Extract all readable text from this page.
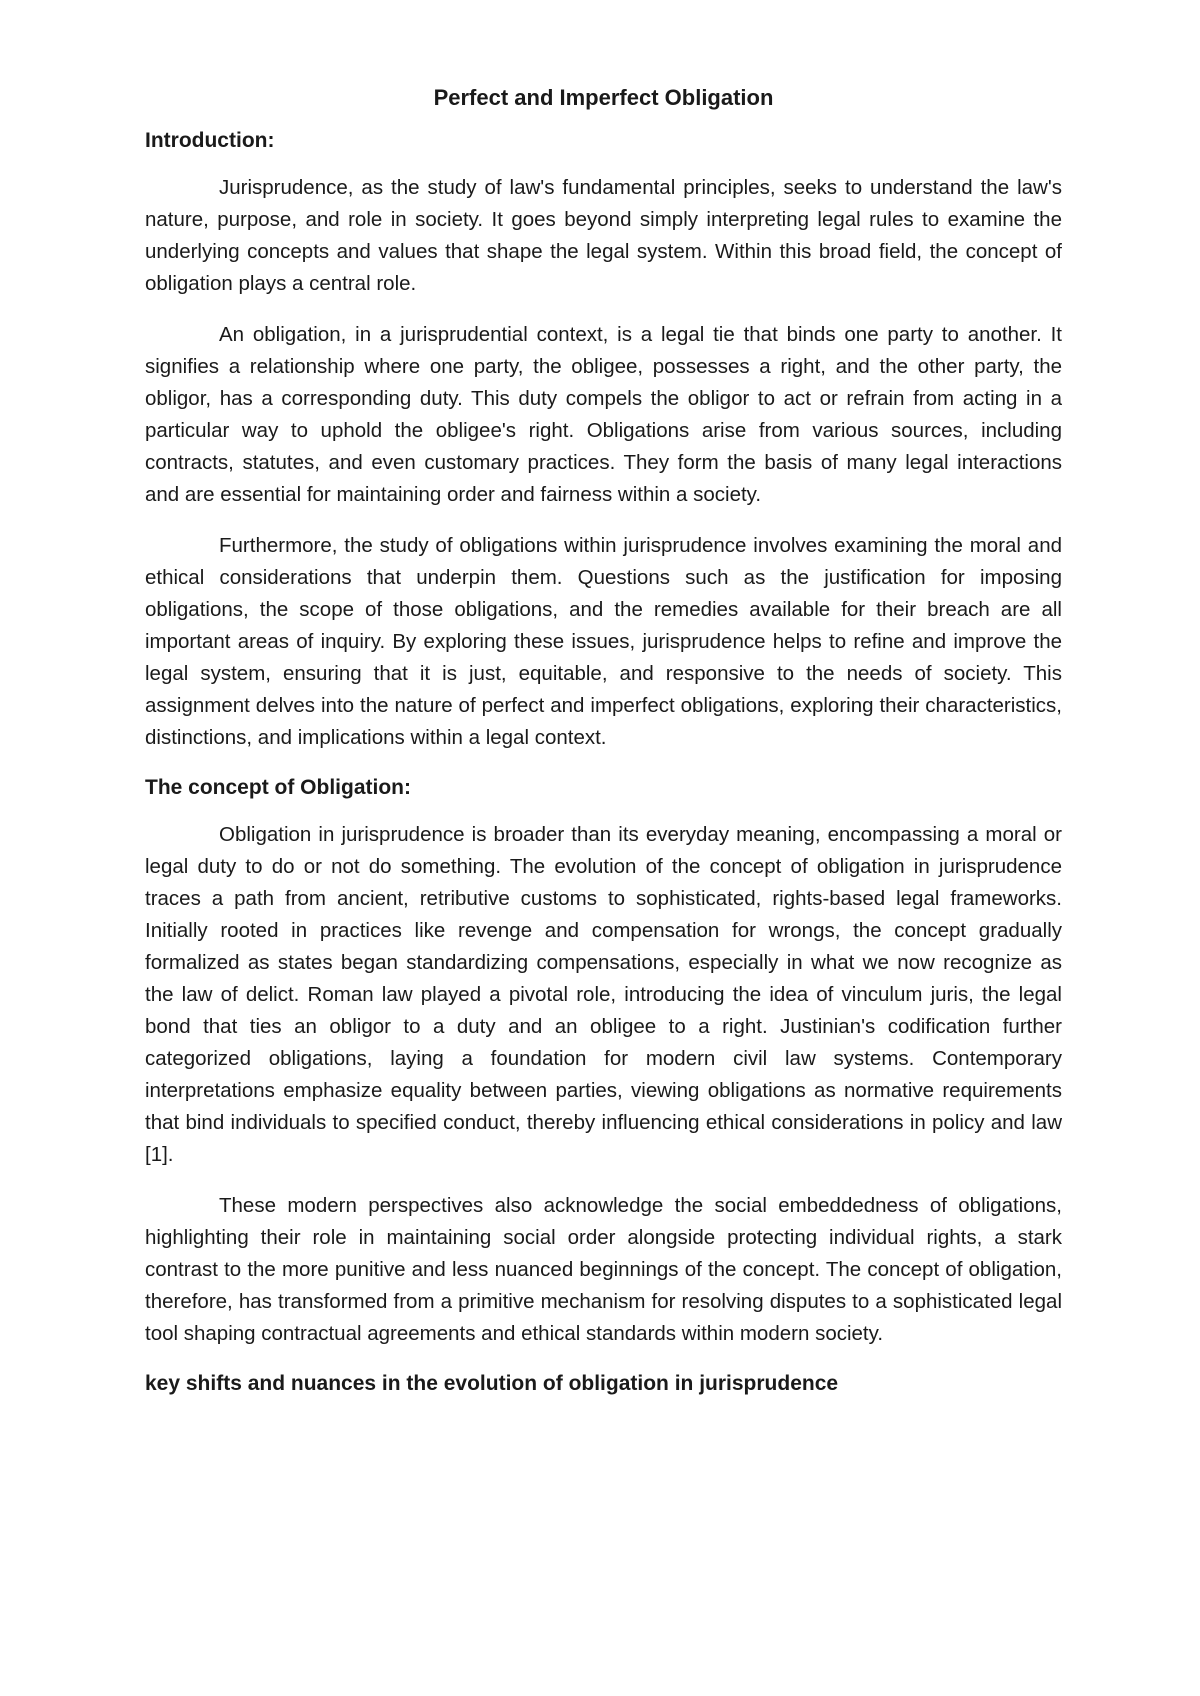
Perfect and Imperfect Obligation
Introduction:

Jurisprudence, as the study of law's fundamental principles, seeks to understand the law's nature, purpose, and role in society. It goes beyond simply interpreting legal rules to examine the underlying concepts and values that shape the legal system. Within this broad field, the concept of obligation plays a central role.

An obligation, in a jurisprudential context, is a legal tie that binds one party to another. It signifies a relationship where one party, the obligee, possesses a right, and the other party, the obligor, has a corresponding duty. This duty compels the obligor to act or refrain from acting in a particular way to uphold the obligee's right. Obligations arise from various sources, including contracts, statutes, and even customary practices. They form the basis of many legal interactions and are essential for maintaining order and fairness within a society.

Furthermore, the study of obligations within jurisprudence involves examining the moral and ethical considerations that underpin them. Questions such as the justification for imposing obligations, the scope of those obligations, and the remedies available for their breach are all important areas of inquiry. By exploring these issues, jurisprudence helps to refine and improve the legal system, ensuring that it is just, equitable, and responsive to the needs of society. This assignment delves into the nature of perfect and imperfect obligations, exploring their characteristics, distinctions, and implications within a legal context.

The concept of Obligation:

Obligation in jurisprudence is broader than its everyday meaning, encompassing a moral or legal duty to do or not do something. The evolution of the concept of obligation in jurisprudence traces a path from ancient, retributive customs to sophisticated, rights-based legal frameworks. Initially rooted in practices like revenge and compensation for wrongs, the concept gradually formalized as states began standardizing compensations, especially in what we now recognize as the law of delict. Roman law played a pivotal role, introducing the idea of vinculum juris, the legal bond that ties an obligor to a duty and an obligee to a right. Justinian's codification further categorized obligations, laying a foundation for modern civil law systems. Contemporary interpretations emphasize equality between parties, viewing obligations as normative requirements that bind individuals to specified conduct, thereby influencing ethical considerations in policy and law [1].

These modern perspectives also acknowledge the social embeddedness of obligations, highlighting their role in maintaining social order alongside protecting individual rights, a stark contrast to the more punitive and less nuanced beginnings of the concept. The concept of obligation, therefore, has transformed from a primitive mechanism for resolving disputes to a sophisticated legal tool shaping contractual agreements and ethical standards within modern society.

key shifts and nuances in the evolution of obligation in jurisprudence
